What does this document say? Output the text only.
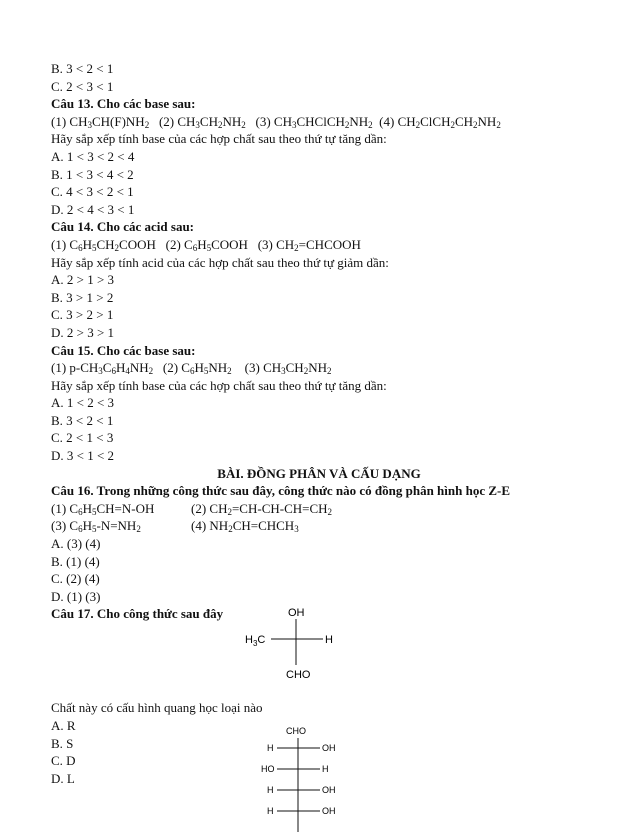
B. 3 < 2 < 1
C. 2 < 3 < 1
Câu 13. Cho các base sau:
(1) $CH_3CH(F)NH_2$   (2) $CH_3CH_2NH_2$   (3) $CH_3CHClCH_2NH_2$  (4) $CH_2ClCH_2CH_2NH_2$
Hãy sắp xếp tính base của các hợp chất sau theo thứ tự tăng dần:
A. 1 < 3 < 2 < 4
B. 1 < 3 < 4 < 2
C. 4 < 3 < 2 < 1
D. 2 < 4 < 3 < 1
Câu 14. Cho các acid sau:
(1) $C_6H_5CH_2COOH$   (2) $C_6H_5COOH$   (3) $CH_2=CHCOOH$
Hãy sắp xếp tính acid của các hợp chất sau theo thứ tự giảm dần:
A. 2 > 1 > 3
B. 3 > 1 > 2
C. 3 > 2 > 1
D. 2 > 3 > 1
Câu 15. Cho các base sau:
(1) $p-CH_3C_6H_4NH_2$   (2) $C_6H_5NH_2$    (3) $CH_3CH_2NH_2$
Hãy sắp xếp tính base của các hợp chất sau theo thứ tự tăng dần:
A. 1 < 2 < 3
B. 3 < 2 < 1
C. 2 < 1 < 3
D. 3 < 1 < 2
BÀI. ĐỒNG PHÂN VÀ CẤU DẠNG
Câu 16. Trong những công thức sau đây, công thức nào có đồng phân hình học Z-E
(1) $C_6H_5CH=N-OH$	(2) $CH_2=CH-CH-CH=CH_2$
(3) $C_6H_5-N=NH_2$	(4) $NH_2CH=CHCH_3$
A. (3) (4)
B. (1) (4)
C. (2) (4)
D. (1) (3)
Câu 17. Cho công thức sau đây	OH
$H_3C$	H
CHO
Chất này có cấu hình quang học loại nào
A. R
B. S
C. D
D. L
CHO
H	OH
HO	H
H	OH
H	OH
